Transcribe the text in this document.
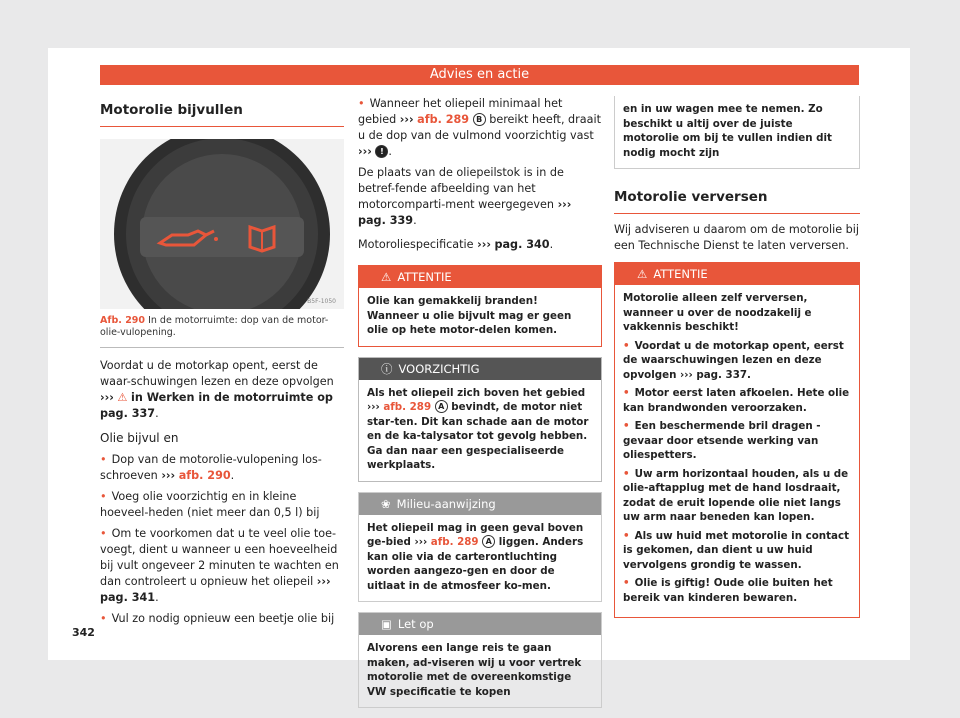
Advies en actie
Motorolie bijvullen
B5F-1050
Afb. 290 In de motorruimte: dop van de motor-olie-vulopening.

Voordat u de motorkap opent, eerst de waar-schuwingen lezen en deze opvolgen ››› ⚠ in Werken in de motorruimte op pag. 337.

Olie bijvul en

• Dop van de motorolie-vulopening los-schroeven ››› afb. 290.

• Voeg olie voorzichtig en in kleine hoeveel-heden (niet meer dan 0,5 l) bij

• Om te voorkomen dat u te veel olie toe-voegt, dient u wanneer u een hoeveelheid bij vult ongeveer 2 minuten te wachten en dan controleert u opnieuw het oliepeil ››› pag. 341.

• Vul zo nodig opnieuw een beetje olie bij

• Wanneer het oliepeil minimaal het gebied ››› afb. 289 B bereikt heeft, draait u de dop van de vulmond voorzichtig vast ››› ! .

De plaats van de oliepeilstok is in de betref-fende afbeelding van het motorcomparti-ment weergegeven ››› pag. 339.

Motoroliespecificatie ››› pag. 340.

⚠ ATTENTIE
Olie kan gemakkelij branden! Wanneer u olie bijvult mag er geen olie op hete motor-delen komen.
ⓘ VOORZICHTIG
Als het oliepeil zich boven het gebied ››› afb. 289 A bevindt, de motor niet star-ten. Dit kan schade aan de motor en de ka-talysator tot gevolg hebben. Ga dan naar een gespecialiseerde werkplaats.
❀ Milieu-aanwijzing
Het oliepeil mag in geen geval boven ge-bied ››› afb. 289 A liggen. Anders kan olie via de carterontluchting worden aangezo-gen en door de uitlaat in de atmosfeer ko-men.
▣ Let op
Alvorens een lange reis te gaan maken, ad-viseren wij u voor vertrek motorolie met de overeenkomstige VW specificatie te kopen
en in uw wagen mee te nemen. Zo beschikt u altij over de juiste motorolie om bij te vullen indien dit nodig mocht zijn
Motorolie verversen

Wij adviseren u daarom om de motorolie bij een Technische Dienst te laten verversen.

⚠ ATTENTIE
Motorolie alleen zelf verversen, wanneer u over de noodzakelij e vakkennis beschikt!
• Voordat u de motorkap opent, eerst de waarschuwingen lezen en deze opvolgen ››› pag. 337.
• Motor eerst laten afkoelen. Hete olie kan brandwonden veroorzaken.
• Een beschermende bril dragen - gevaar door etsende werking van oliespetters.
• Uw arm horizontaal houden, als u de olie-aftapplug met de hand losdraait, zodat de eruit lopende olie niet langs uw arm naar beneden kan lopen.
• Als uw huid met motorolie in contact is gekomen, dan dient u uw huid vervolgens grondig te wassen.
• Olie is giftig! Oude olie buiten het bereik van kinderen bewaren.
342
